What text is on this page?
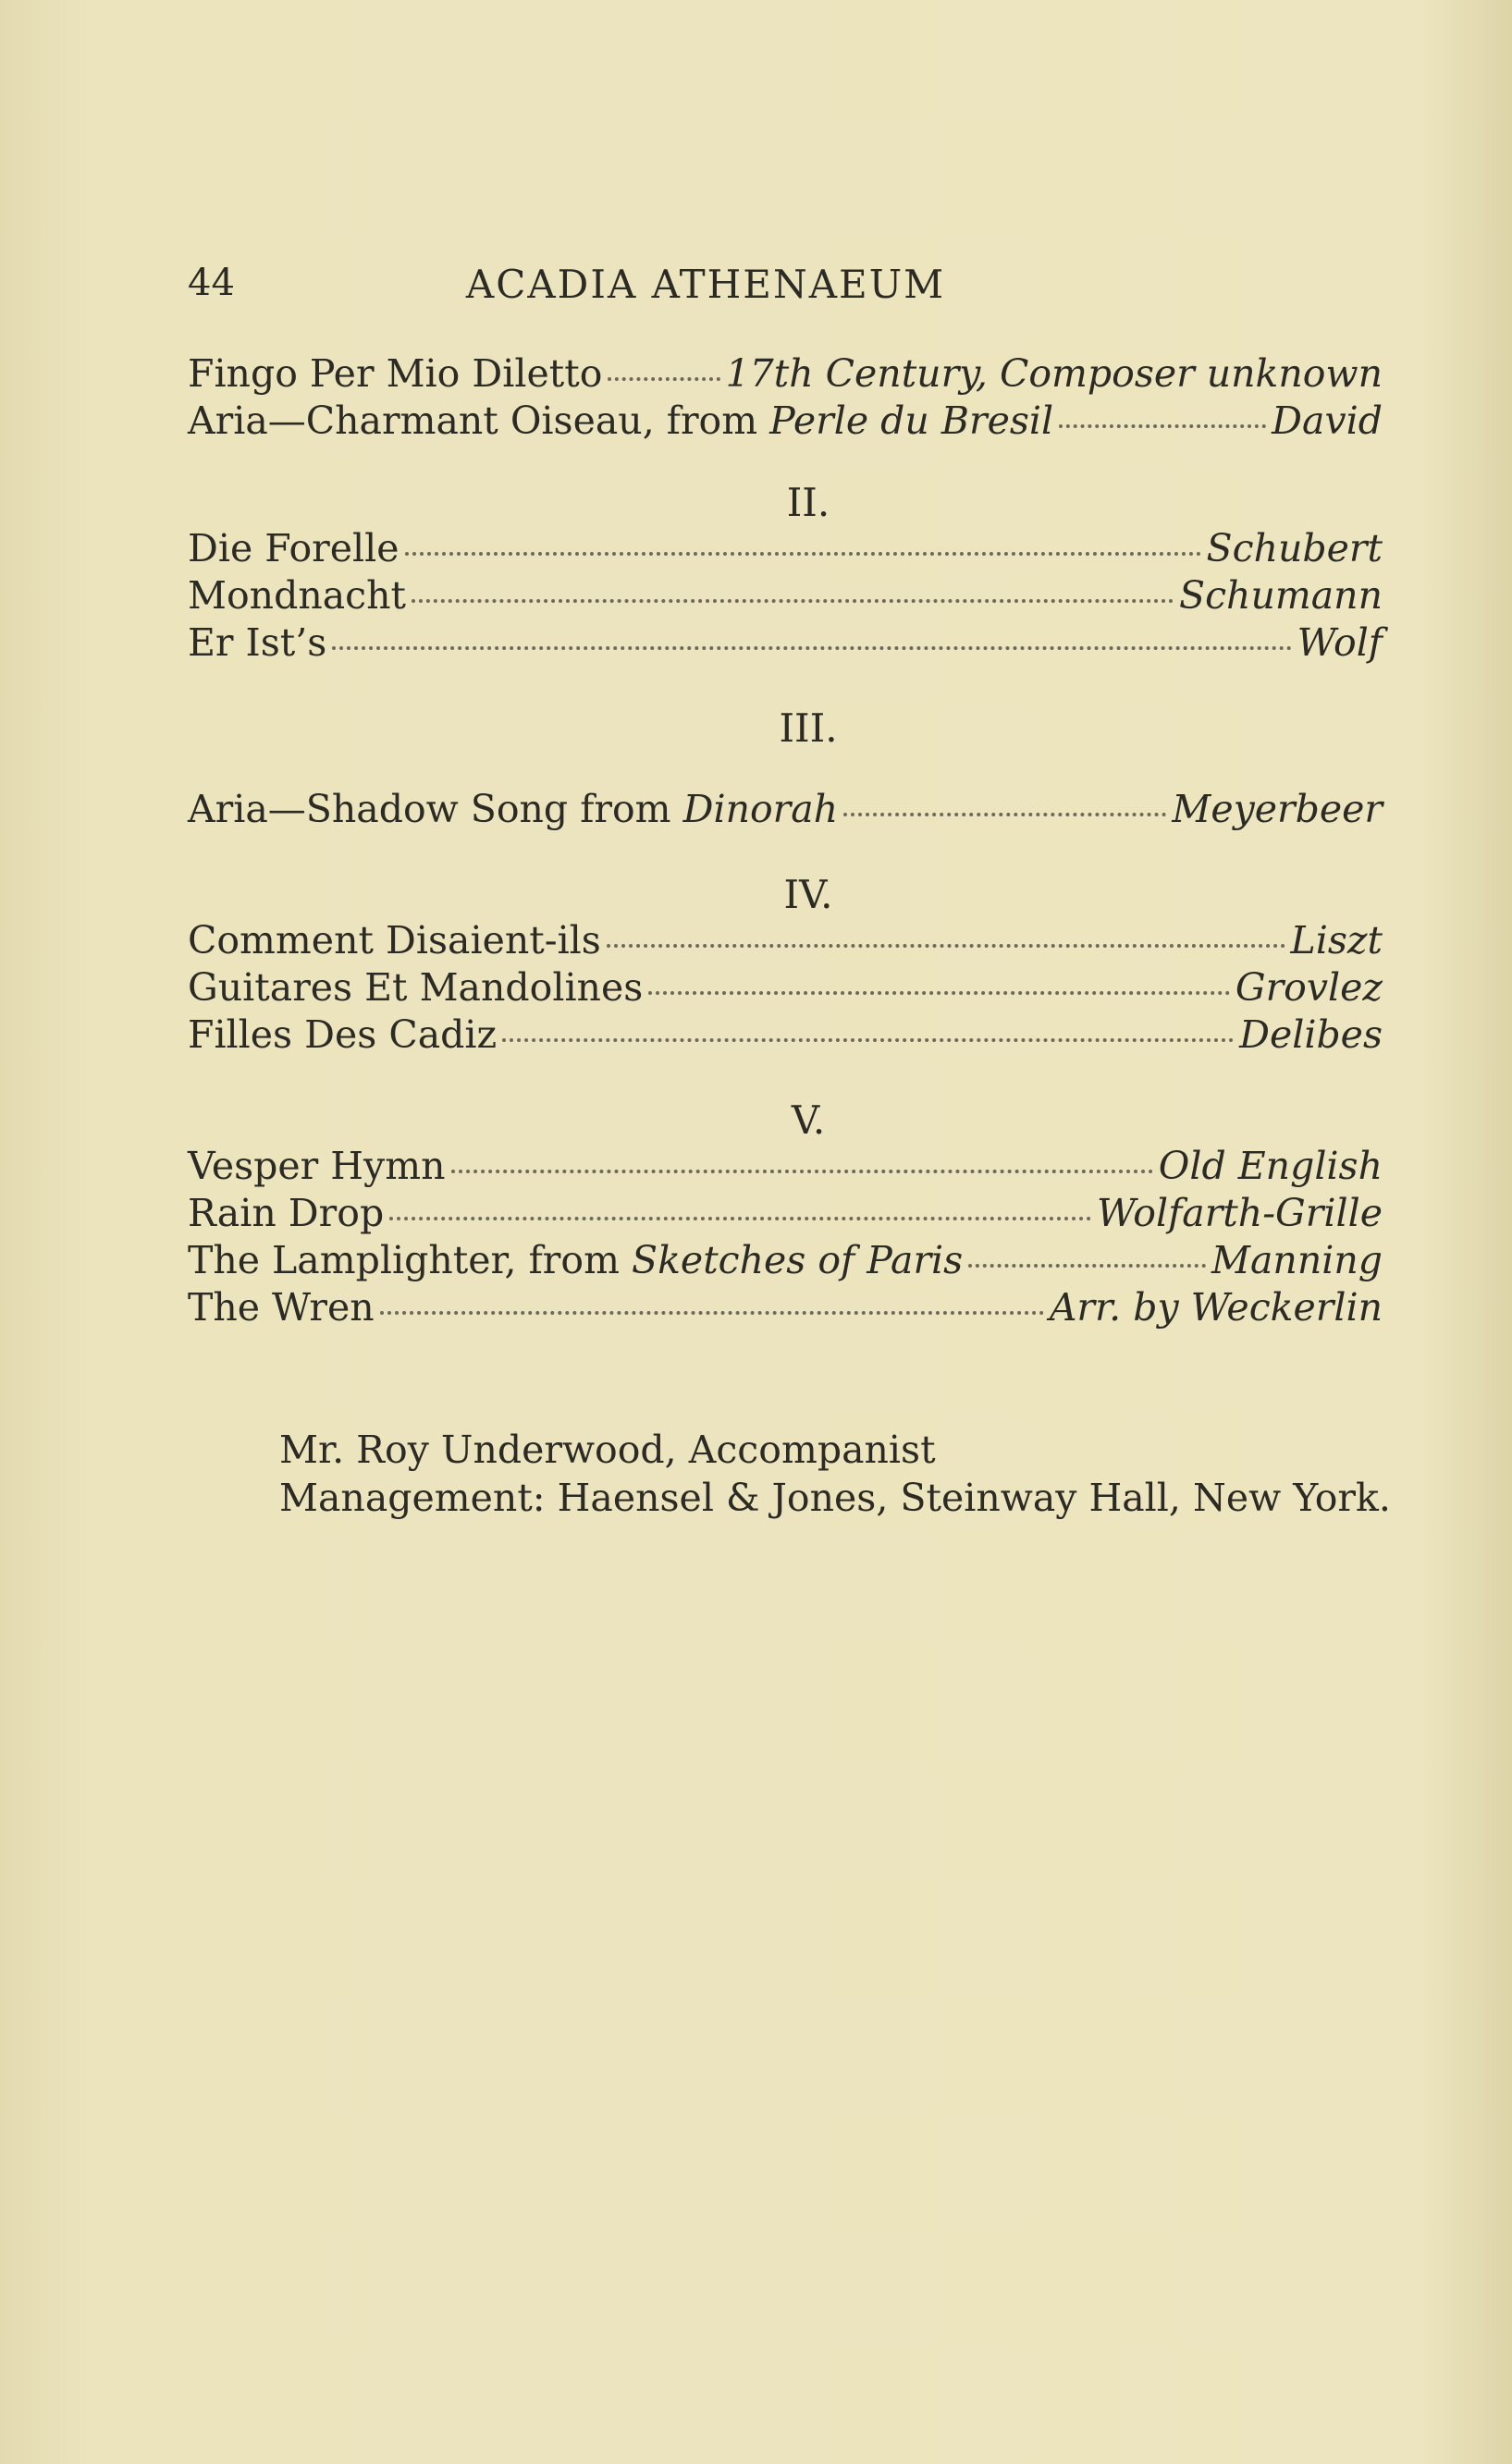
44	ACADIA ATHENAEUM
Fingo Per Mio Diletto	17th Century, Composer unknown
Aria—Charmant Oiseau, from Perle du Bresil	David
II.
Die Forelle	Schubert
Mondnacht	Schumann
Er Ist’s	Wolf
III.
Aria—Shadow Song from Dinorah	Meyerbeer
IV.
Comment Disaient-ils	Liszt
Guitares Et Mandolines	Grovlez
Filles Des Cadiz	Delibes
V.
Vesper Hymn	Old English
Rain Drop	Wolfarth-Grille
The Lamplighter, from Sketches of Paris	Manning
The Wren	Arr. by Weckerlin
Mr. Roy Underwood, Accompanist
Management: Haensel & Jones, Steinway Hall, New York.
